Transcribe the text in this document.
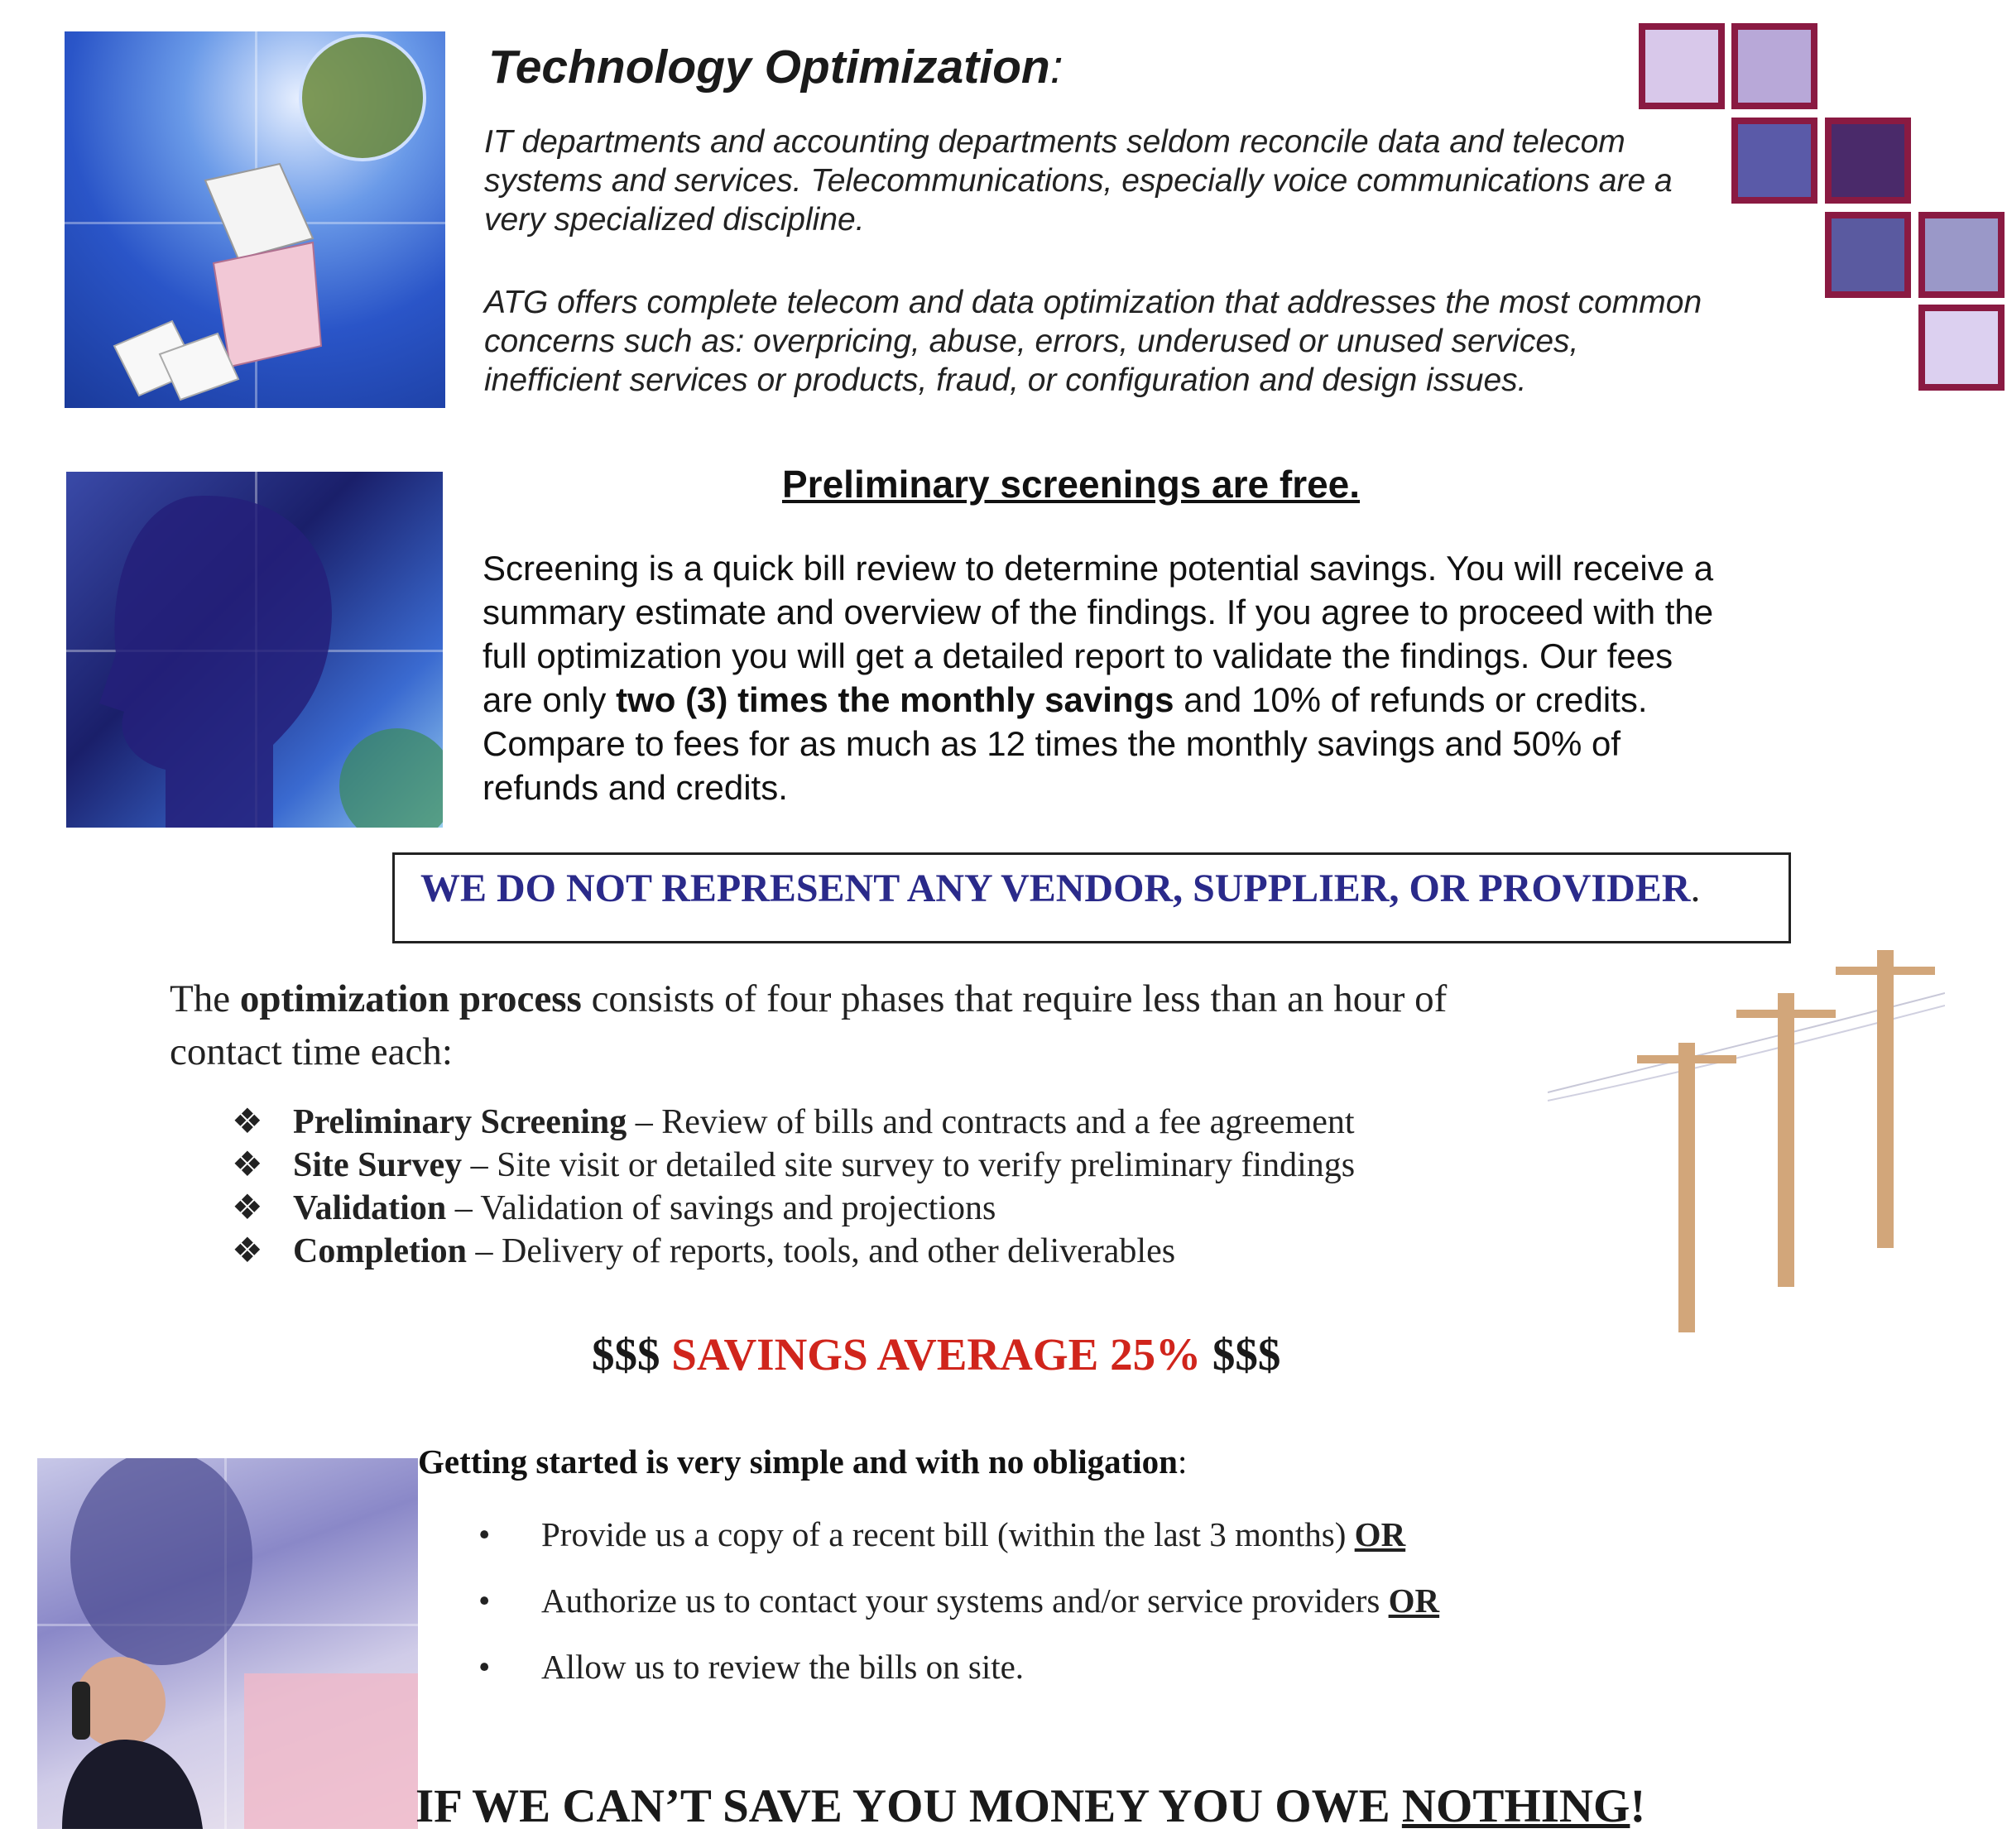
Technology Optimization:
IT departments and accounting departments seldom reconcile data and telecom systems and services. Telecommunications, especially voice communications are a very specialized discipline.
ATG offers complete telecom and data optimization that addresses the most common concerns such as: overpricing, abuse, errors, underused or unused services, inefficient services or products, fraud, or configuration and design issues.
Preliminary screenings are free.
Screening is a quick bill review to determine potential savings. You will receive a summary estimate and overview of the findings. If you agree to proceed with the full optimization you will get a detailed report to validate the findings. Our fees are only two (3) times the monthly savings and 10% of refunds or credits. Compare to fees for as much as 12 times the monthly savings and 50% of refunds and credits.
WE DO NOT REPRESENT ANY VENDOR, SUPPLIER, OR PROVIDER.
The optimization process consists of four phases that require less than an hour of contact time each:
❖ Preliminary Screening – Review of bills and contracts and a fee agreement
❖ Site Survey – Site visit or detailed site survey to verify preliminary findings
❖ Validation – Validation of savings and projections
❖ Completion – Delivery of reports, tools, and other deliverables
$$$ SAVINGS AVERAGE 25% $$$
Getting started is very simple and with no obligation:
• Provide us a copy of a recent bill (within the last 3 months) OR
• Authorize us to contact your systems and/or service providers OR
• Allow us to review the bills on site.
IF WE CAN’T SAVE YOU MONEY YOU OWE NOTHING!
